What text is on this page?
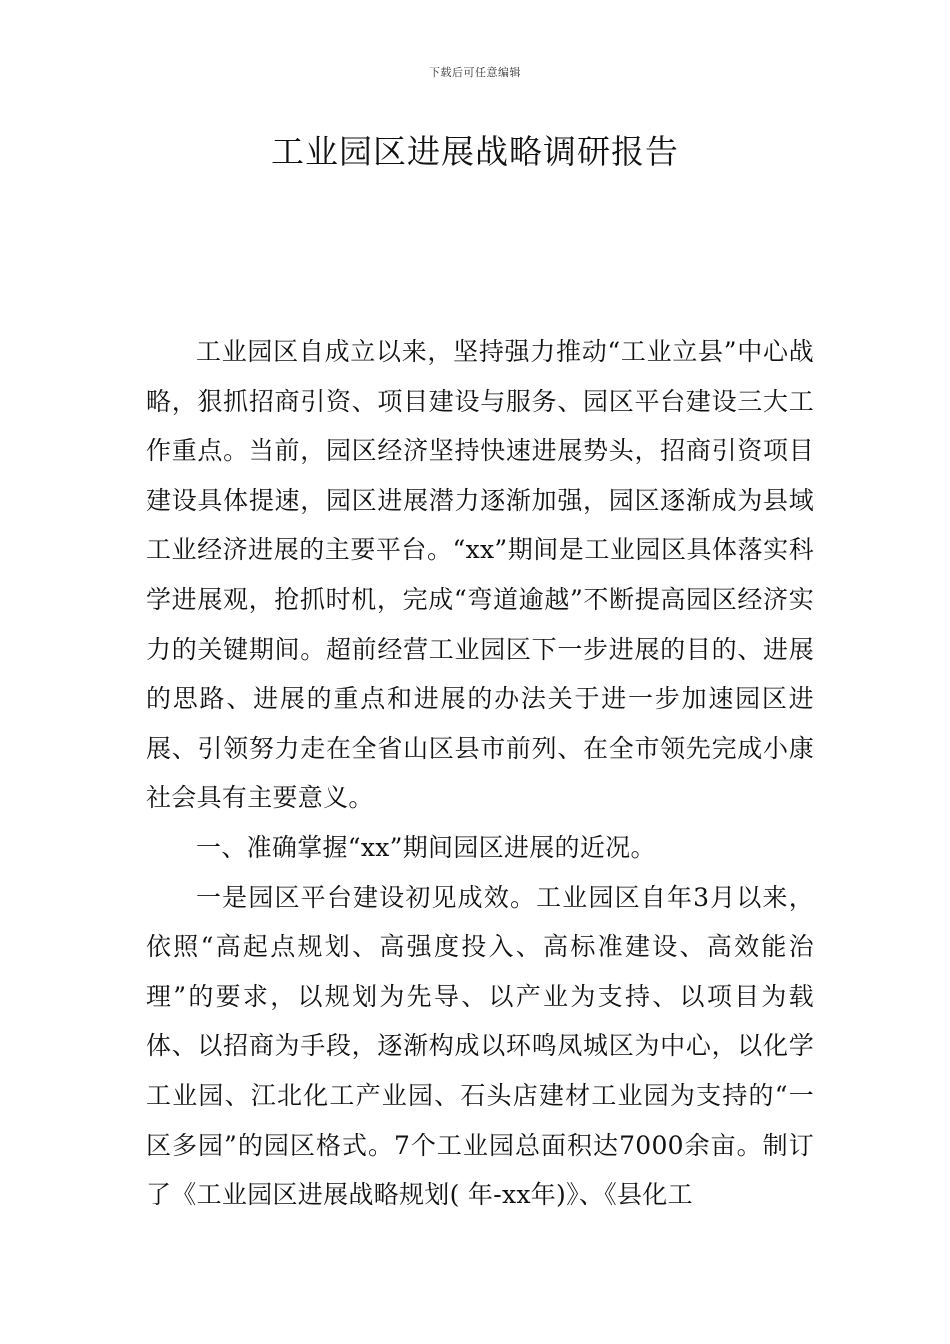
下载后可任意编辑
工业园区进展战略调研报告

工业园区自成立以来，坚持强力推动“工业立县”中心战略，狠抓招商引资、项目建设与服务、园区平台建设三大工作重点。当前，园区经济坚持快速进展势头，招商引资项目建设具体提速，园区进展潜力逐渐加强，园区逐渐成为县域工业经济进展的主要平台。“xx”期间是工业园区具体落实科学进展观，抢抓时机，完成“弯道逾越”不断提高园区经济实力的关键期间。超前经营工业园区下一步进展的目的、进展的思路、进展的重点和进展的办法关于进一步加速园区进展、引领努力走在全省山区县市前列、在全市领先完成小康社会具有主要意义。

一、准确掌握“xx”期间园区进展的近况。

一是园区平台建设初见成效。工业园区自年3月以来，依照“高起点规划、高强度投入、高标准建设、高效能治理”的要求，以规划为先导、以产业为支持、以项目为载体、以招商为手段，逐渐构成以环鸣凤城区为中心，以化学工业园、江北化工产业园、石头店建材工业园为支持的“一区多园”的园区格式。7个工业园总面积达7000余亩。制订了《工业园区进展战略规划( 年-xx年)》、《县化工
